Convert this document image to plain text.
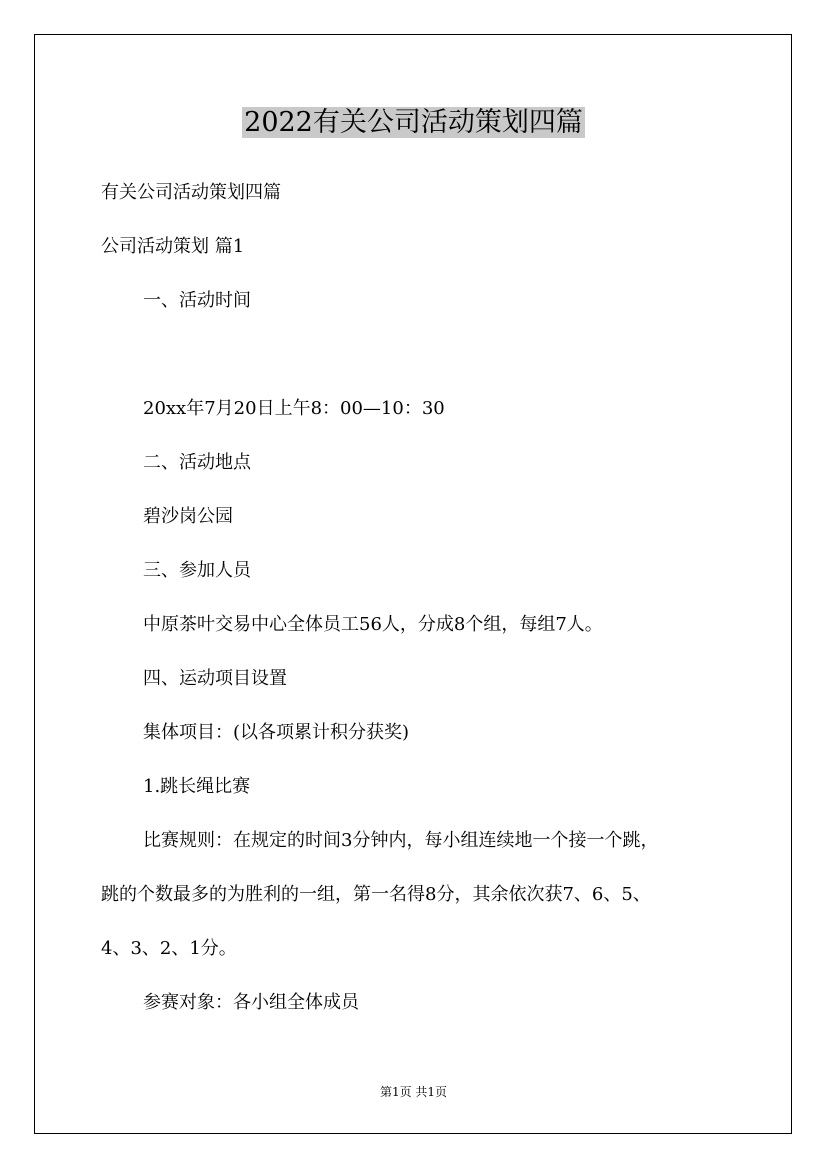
2022有关公司活动策划四篇

有关公司活动策划四篇

公司活动策划 篇1

一、活动时间

20xx年7月20日上午8：00—10：30

二、活动地点

碧沙岗公园

三、参加人员

中原茶叶交易中心全体员工56人，分成8个组，每组7人。

四、运动项目设置

集体项目：(以各项累计积分获奖)

1.跳长绳比赛

比赛规则：在规定的时间3分钟内，每小组连续地一个接一个跳，

跳的个数最多的为胜利的一组，第一名得8分，其余依次获7、6、5、

4、3、2、1分。

参赛对象：各小组全体成员

第1页 共1页
